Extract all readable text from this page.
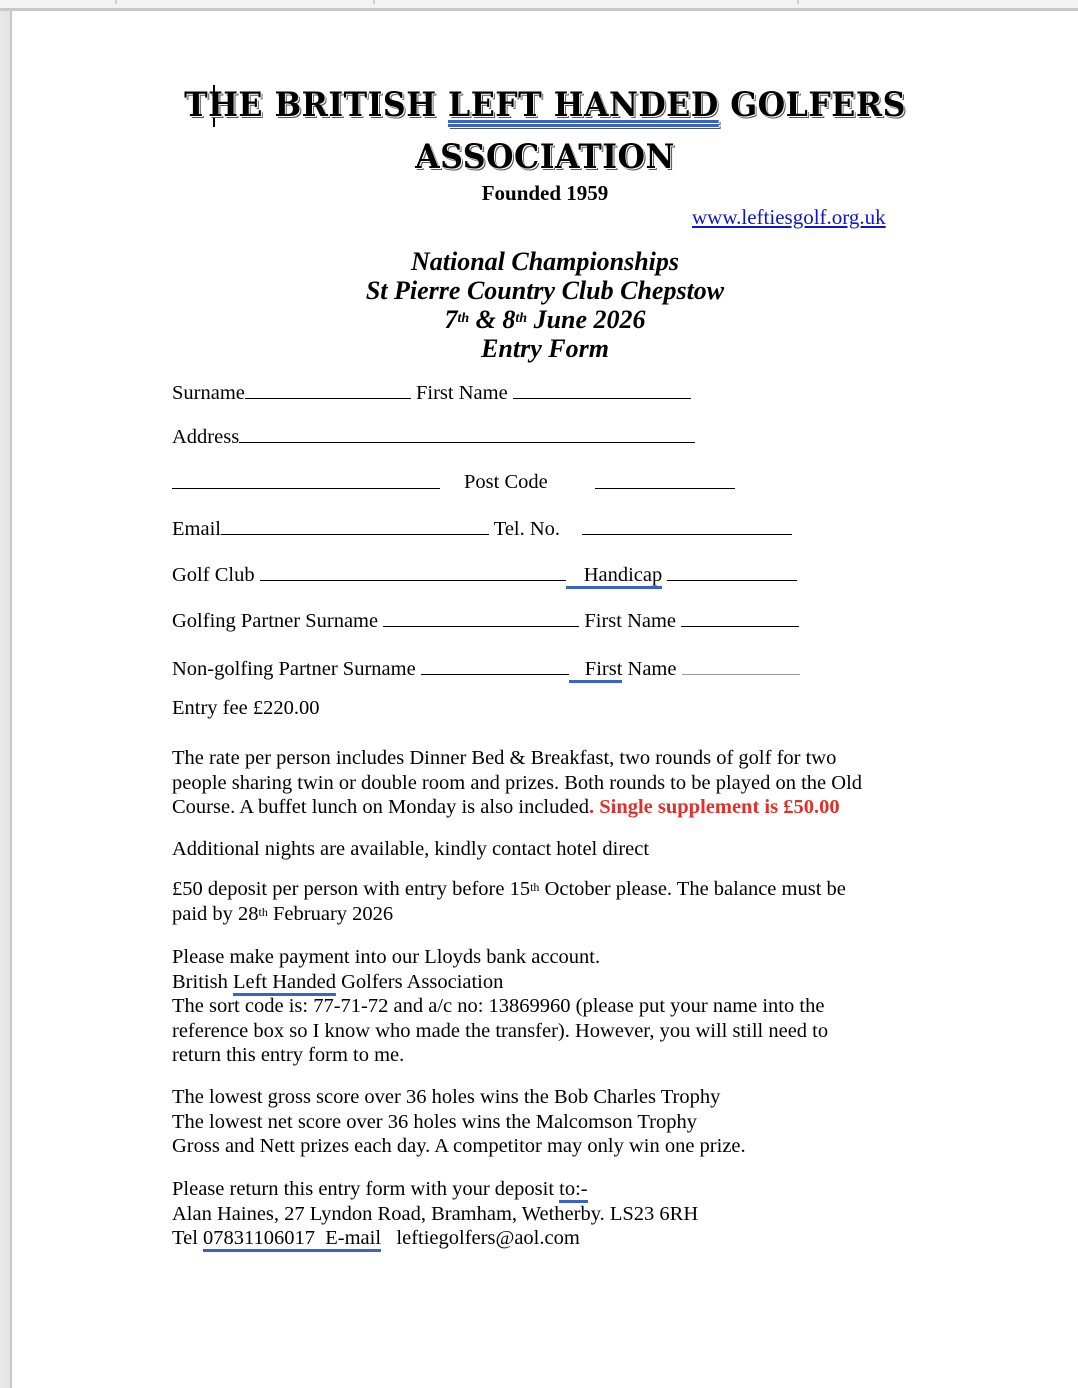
THE BRITISH LEFT HANDED GOLFERS
ASSOCIATION
Founded 1959
www.leftiesgolf.org.uk
National Championships
St Pierre Country Club Chepstow
7th & 8th June 2026
Entry Form
Surname	First Name
Address
Post Code
Email	Tel. No.
Golf Club	Handicap
Golfing Partner Surname	First Name
Non-golfing Partner Surname	First Name
Entry fee £220.00
The rate per person includes Dinner Bed & Breakfast, two rounds of golf for two
people sharing twin or double room and prizes. Both rounds to be played on the Old
Course. A buffet lunch on Monday is also included. Single supplement is £50.00
Additional nights are available, kindly contact hotel direct
£50 deposit per person with entry before 15th October please. The balance must be
paid by 28th February 2026
Please make payment into our Lloyds bank account.
British Left Handed Golfers Association
The sort code is: 77-71-72 and a/c no: 13869960 (please put your name into the
reference box so I know who made the transfer). However, you will still need to
return this entry form to me.
The lowest gross score over 36 holes wins the Bob Charles Trophy
The lowest net score over 36 holes wins the Malcomson Trophy
Gross and Nett prizes each day. A competitor may only win one prize.
Please return this entry form with your deposit to:-
Alan Haines, 27 Lyndon Road, Bramham, Wetherby. LS23 6RH
Tel 07831106017  E-mail   leftiegolfers@aol.com
